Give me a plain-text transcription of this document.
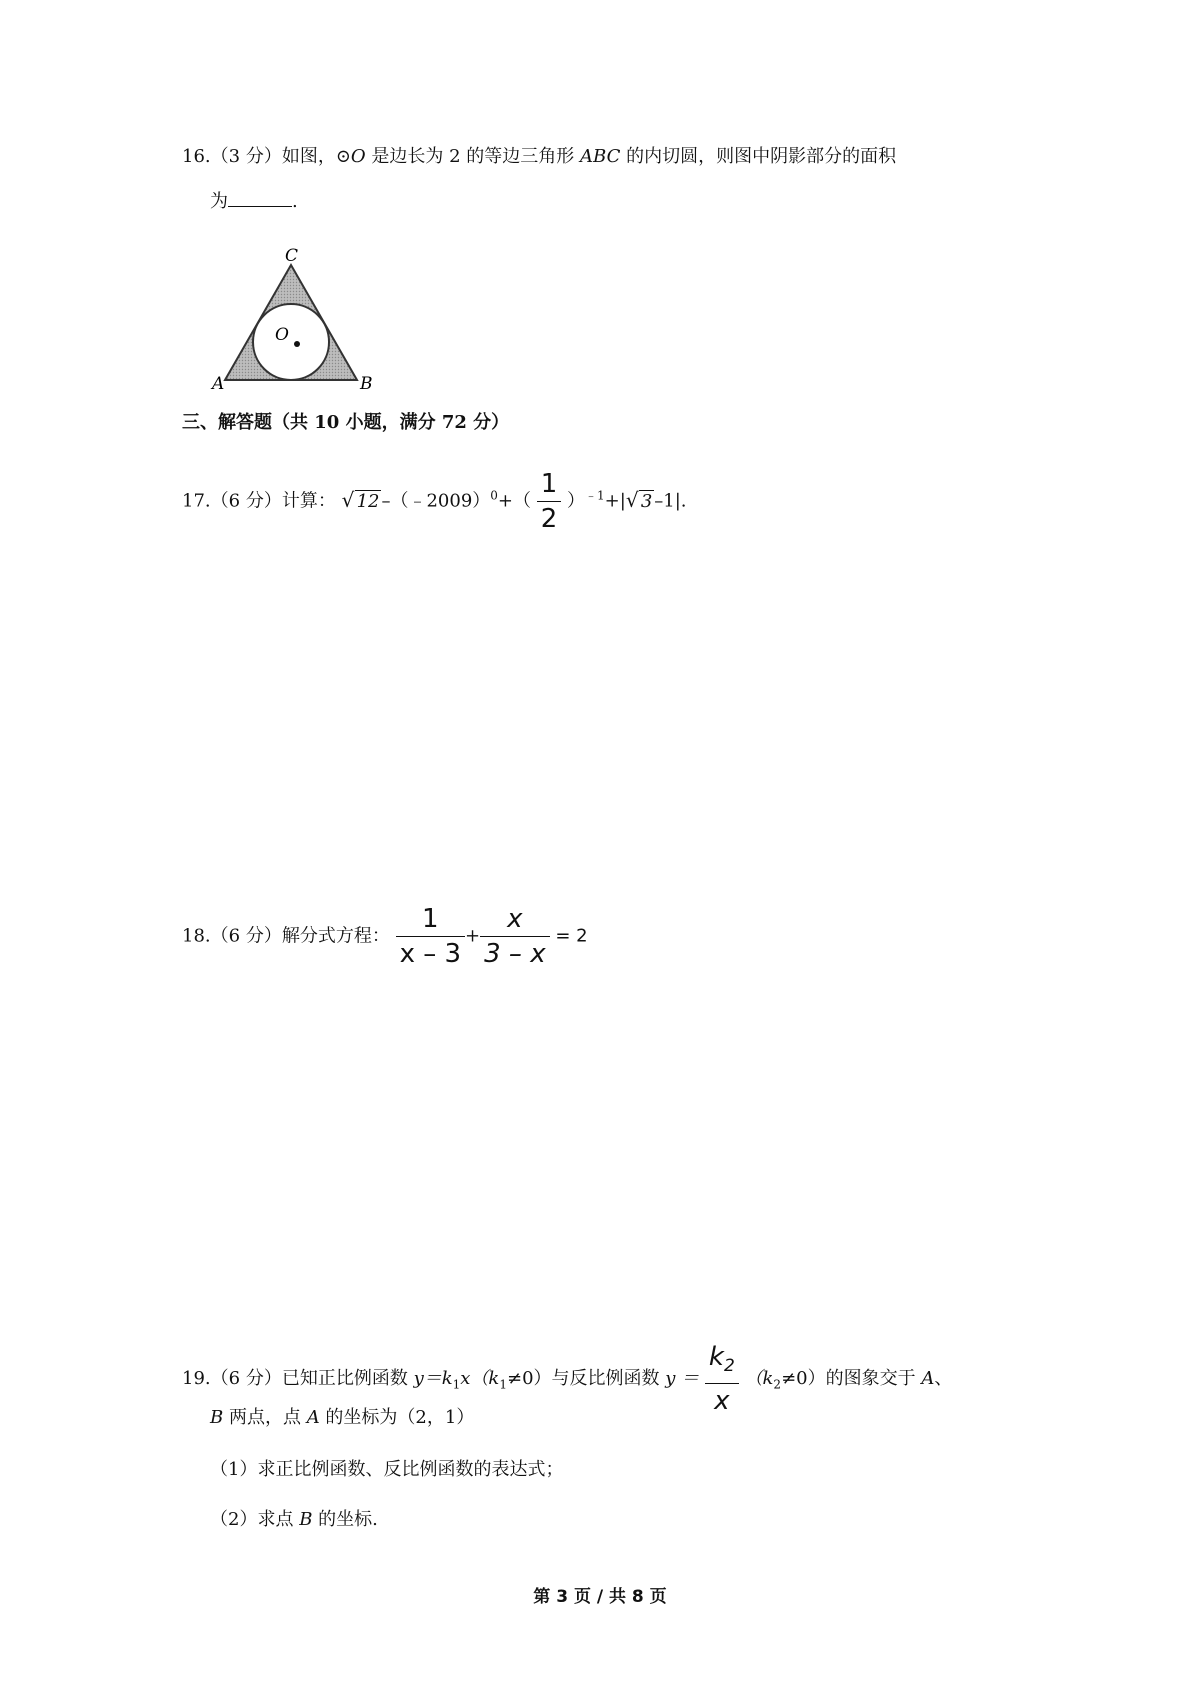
16.（3 分）如图，⊙O 是边长为 2 的等边三角形 ABC 的内切圆，则图中阴影部分的面积
为	.
C
O
A	B
三、解答题（共 10 小题，满分 72 分）
17.（6 分）计算： √ 12 –（﹣2009）$^0$+（ $\frac{1}{2} )^{﹣1}+|$ √ 3 –1|.
18.（6 分）解分式方程： $\frac{1}{x - 3} + \frac{x}{3 - x} = 2$
19.（6 分）已知正比例函数 $y=k_1x(k_1\ne 0)$与反比例函数 $y = \frac{k_2}{x} (k_2\ne 0)$的图象交于 A、
B 两点，点 A 的坐标为（2，1）
（1）求正比例函数、反比例函数的表达式；
（2）求点 B 的坐标.
第 3 页 / 共 8 页
